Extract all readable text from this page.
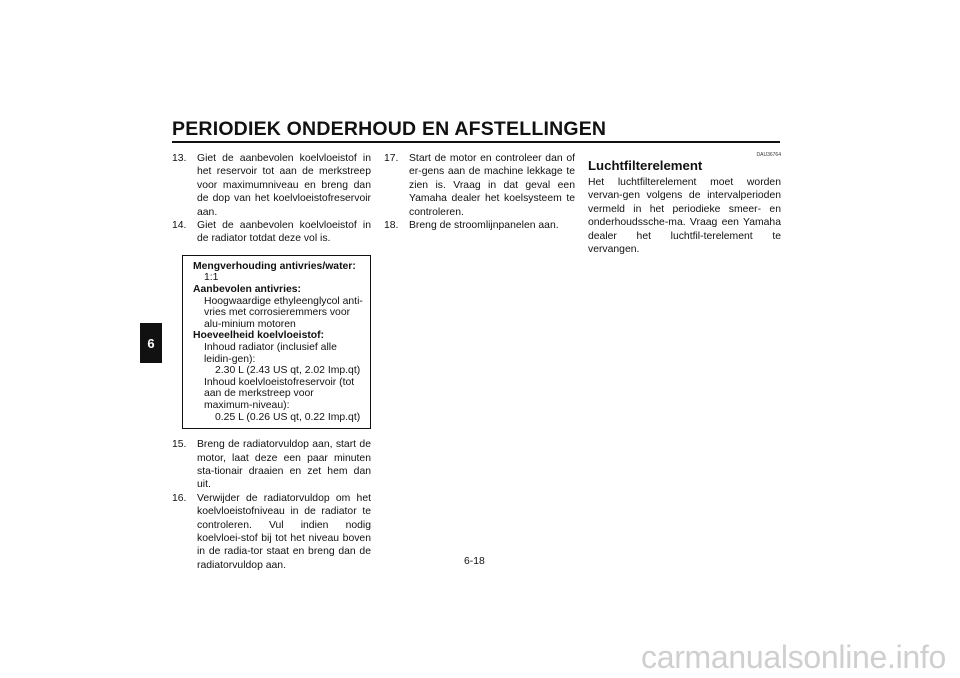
PERIODIEK ONDERHOUD EN AFSTELLINGEN
6
13.	Giet de aanbevolen koelvloeistof in het reservoir tot aan de merkstreep voor maximumniveau en breng dan de dop van het koelvloeistofreservoir aan.
14.	Giet de aanbevolen koelvloeistof in de radiator totdat deze vol is.
Mengverhouding antivries/water:
1:1
Aanbevolen antivries:
Hoogwaardige ethyleenglycol anti-vries met corrosieremmers voor alu-minium motoren
Hoeveelheid koelvloeistof:
Inhoud radiator (inclusief alle leidin-gen):
2.30 L (2.43 US qt, 2.02 Imp.qt)
Inhoud koelvloeistofreservoir (tot aan de merkstreep voor maximum-niveau):
0.25 L (0.26 US qt, 0.22 Imp.qt)
15.	Breng de radiatorvuldop aan, start de motor, laat deze een paar minuten sta-tionair draaien en zet hem dan uit.
16.	Verwijder de radiatorvuldop om het koelvloeistofniveau in de radiator te controleren. Vul indien nodig koelvloei-stof bij tot het niveau boven in de radia-tor staat en breng dan de radiatorvuldop aan.
17.	Start de motor en controleer dan of er-gens aan de machine lekkage te zien is. Vraag in dat geval een Yamaha dealer het koelsysteem te controleren.
18.	Breng de stroomlijnpanelen aan.
DAU36764
Luchtfilterelement
Het luchtfilterelement moet worden vervan-gen volgens de intervalperioden vermeld in het periodieke smeer- en onderhoudssche-ma. Vraag een Yamaha dealer het luchtfil-terelement te vervangen.
6-18
carmanualsonline.info
